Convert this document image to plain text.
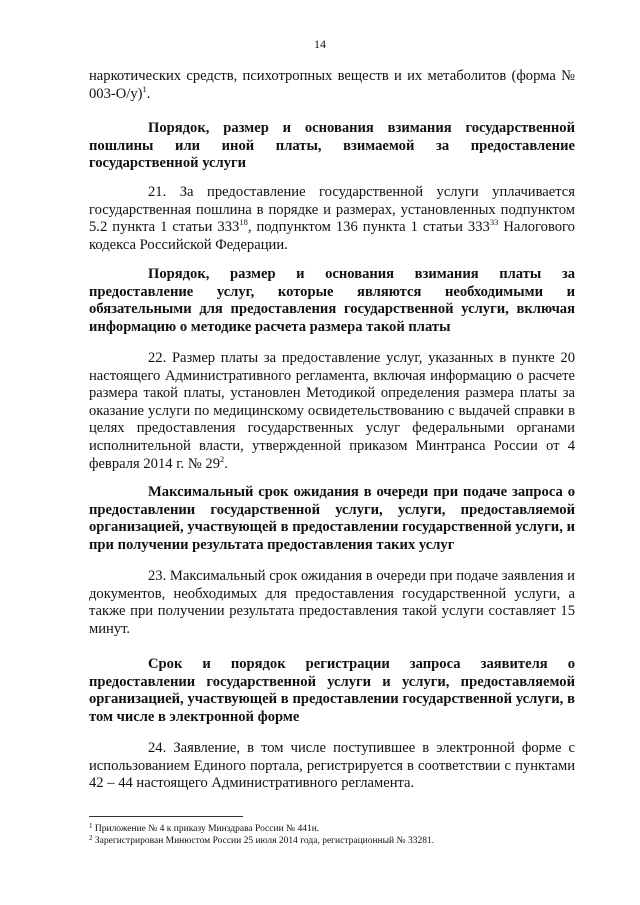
14

наркотических средств, психотропных веществ и их метаболитов (форма № 003-О/у)$^1$.

Порядок, размер и основания взимания государственной пошлины или иной платы, взимаемой за предоставление государственной услуги

21. За предоставление государственной услуги уплачивается государственная пошлина в порядке и размерах, установленных подпунктом 5.2 пункта 1 статьи $333^{18}$, подпунктом 136 пункта 1 статьи $333^{33}$ Налогового кодекса Российской Федерации.

Порядок, размер и основания взимания платы за предоставление услуг, которые являются необходимыми и обязательными для предоставления государственной услуги, включая информацию о методике расчета размера такой платы

22. Размер платы за предоставление услуг, указанных в пункте 20 настоящего Административного регламента, включая информацию о расчете размера такой платы, установлен Методикой определения размера платы за оказание услуги по медицинскому освидетельствованию с выдачей справки в целях предоставления государственных услуг федеральными органами исполнительной власти, утвержденной приказом Минтранса России от 4 февраля 2014 г. № $29^2$.

Максимальный срок ожидания в очереди при подаче запроса о предоставлении государственной услуги, услуги, предоставляемой организацией, участвующей в предоставлении государственной услуги, и при получении результата предоставления таких услуг

23. Максимальный срок ожидания в очереди при подаче заявления и документов, необходимых для предоставления государственной услуги, а также при получении результата предоставления такой услуги составляет 15 минут.

Срок и порядок регистрации запроса заявителя о предоставлении государственной услуги и услуги, предоставляемой организацией, участвующей в предоставлении государственной услуги, в том числе в электронной форме

24. Заявление, в том числе поступившее в электронной форме с использованием Единого портала, регистрируется в соответствии с пунктами 42 – 44 настоящего Административного регламента.

$^1$ Приложение № 4 к приказу Минздрава России № 441н.
$^2$ Зарегистрирован Минюстом России 25 июля 2014 года, регистрационный № 33281.
